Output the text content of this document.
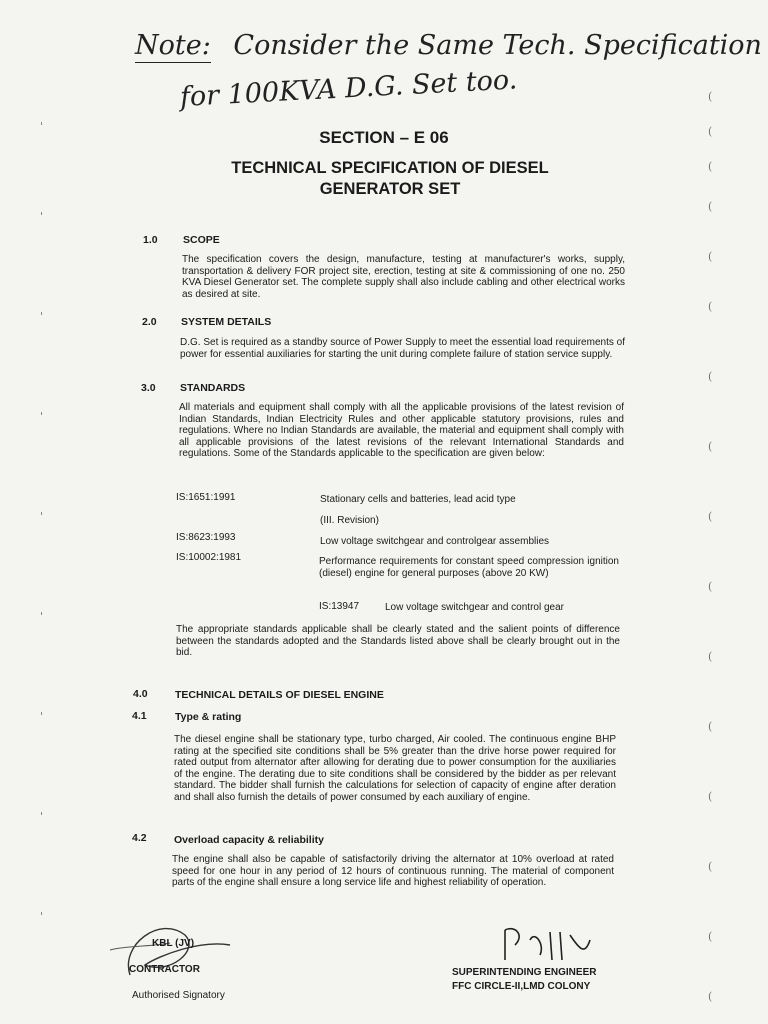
Note: Consider the Same Tech. Specification
for 100KVA D.G. Set too.
SECTION – E 06
TECHNICAL SPECIFICATION OF DIESEL
GENERATOR SET
1.0 SCOPE
The specification covers the design, manufacture, testing at manufacturer's works, supply, transportation & delivery FOR project site, erection, testing at site & commissioning of one no. 250 KVA Diesel Generator set. The complete supply shall also include cabling and other electrical works as desired at site.
2.0 SYSTEM DETAILS
D.G. Set is required as a standby source of Power Supply to meet the essential load requirements of power for essential auxiliaries for starting the unit during complete failure of station service supply.
3.0 STANDARDS
All materials and equipment shall comply with all the applicable provisions of the latest revision of Indian Standards, Indian Electricity Rules and other applicable statutory provisions, rules and regulations. Where no Indian Standards are available, the material and equipment shall comply with all applicable provisions of the latest revisions of the relevant International Standards and regulations. Some of the Standards applicable to the specification are given below:
IS:1651:1991	Stationary cells and batteries, lead acid type
(III. Revision)
IS:8623:1993	Low voltage switchgear and controlgear assemblies
IS:10002:1981	Performance requirements for constant speed compression ignition (diesel) engine for general purposes (above 20 KW)
IS:13947	Low voltage switchgear and control gear
The appropriate standards applicable shall be clearly stated and the salient points of difference between the standards adopted and the Standards listed above shall be clearly brought out in the bid.
4.0	TECHNICAL DETAILS OF DIESEL ENGINE
4.1	Type & rating
The diesel engine shall be stationary type, turbo charged, Air cooled. The continuous engine BHP rating at the specified site conditions shall be 5% greater than the drive horse power required for rated output from alternator after allowing for derating due to power consumption for the auxiliaries of the engine. The derating due to site conditions shall be considered by the bidder as per relevant standard. The bidder shall furnish the calculations for selection of capacity of engine after deration and shall also furnish the details of power consumed by each auxiliary of engine.
4.2	Overload capacity & reliability
The engine shall also be capable of satisfactorily driving the alternator at 10% overload at rated speed for one hour in any period of 12 hours of continuous running. The material of component parts of the engine shall ensure a long service life and highest reliability of operation.
KBL (JV)
CONTRACTOR
Authorised Signatory
SUPERINTENDING ENGINEER
FFC CIRCLE-II,LMD COLONY
(
(
(
(
(
(
(
(
(
(
(
(
(
(
(
(
'
'
'
'
'
'
'
'
'
